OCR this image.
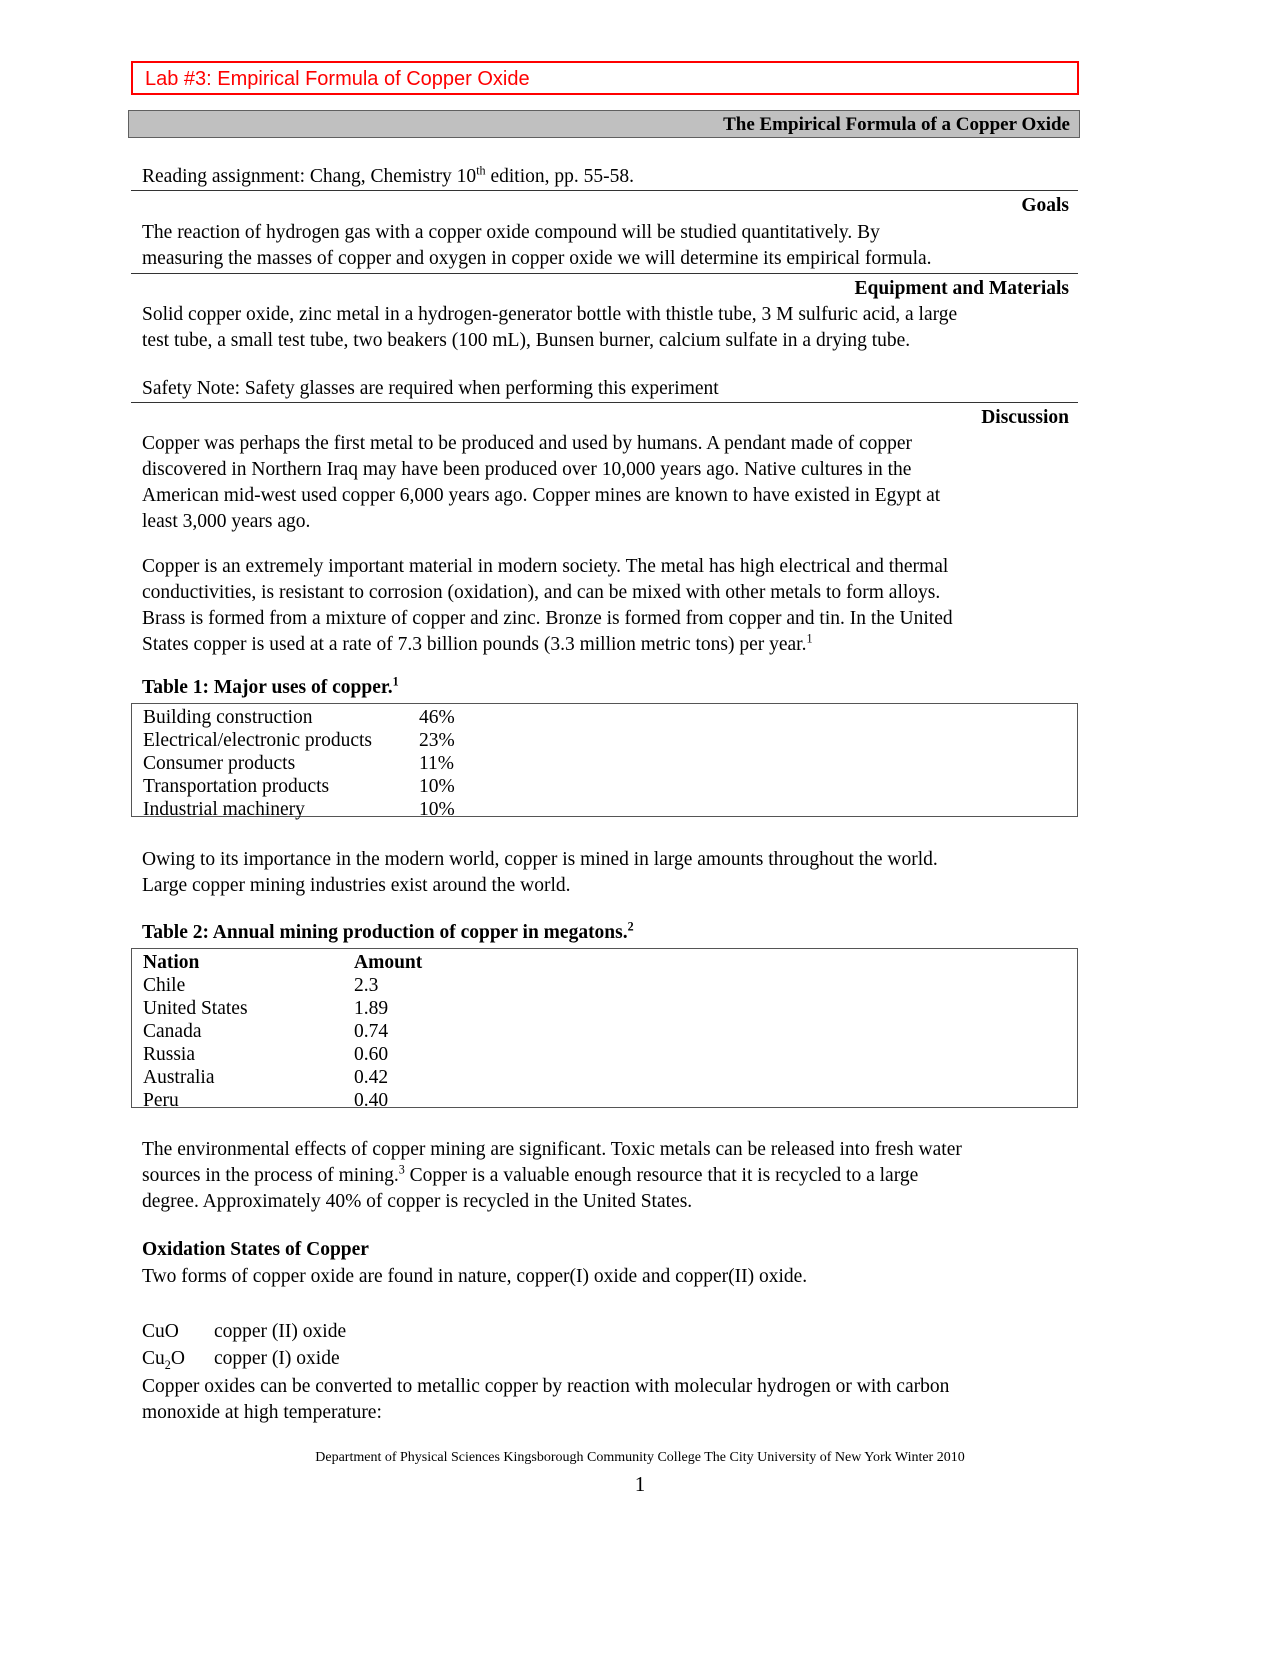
Lab #3: Empirical Formula of Copper Oxide
The Empirical Formula of a Copper Oxide
Reading assignment: Chang, Chemistry 10th edition, pp. 55-58.
Goals
The reaction of hydrogen gas with a copper oxide compound will be studied quantitatively. By
measuring the masses of copper and oxygen in copper oxide we will determine its empirical formula.
Equipment and Materials
Solid copper oxide, zinc metal in a hydrogen-generator bottle with thistle tube, 3 M sulfuric acid, a large
test tube, a small test tube, two beakers (100 mL), Bunsen burner, calcium sulfate in a drying tube.
Safety Note: Safety glasses are required when performing this experiment
Discussion
Copper was perhaps the first metal to be produced and used by humans. A pendant made of copper
discovered in Northern Iraq may have been produced over 10,000 years ago. Native cultures in the
American mid-west used copper 6,000 years ago. Copper mines are known to have existed in Egypt at
least 3,000 years ago.
Copper is an extremely important material in modern society. The metal has high electrical and thermal
conductivities, is resistant to corrosion (oxidation), and can be mixed with other metals to form alloys.
Brass is formed from a mixture of copper and zinc. Bronze is formed from copper and tin. In the United
States copper is used at a rate of 7.3 billion pounds (3.3 million metric tons) per year.$^1$
Table 1: Major uses of copper.$^1$
Building construction	46%
Electrical/electronic products 23%
Consumer products	11%
Transportation products	10%
Industrial machinery	10%
Owing to its importance in the modern world, copper is mined in large amounts throughout the world.
Large copper mining industries exist around the world.
Table 2: Annual mining production of copper in megatons.$^2$
Nation	Amount
Chile	2.3
United States	1.89
Canada	0.74
Russia	0.60
Australia	0.42
Peru	0.40
The environmental effects of copper mining are significant. Toxic metals can be released into fresh water
sources in the process of mining.$^3$ Copper is a valuable enough resource that it is recycled to a large
degree. Approximately 40% of copper is recycled in the United States.
Oxidation States of Copper
Two forms of copper oxide are found in nature, copper(I) oxide and copper(II) oxide.
CuO copper (II) oxide
$Cu_2O$ copper (I) oxide
Copper oxides can be converted to metallic copper by reaction with molecular hydrogen or with carbon
monoxide at high temperature:
Department of Physical Sciences Kingsborough Community College The City University of New York Winter 2010
1
